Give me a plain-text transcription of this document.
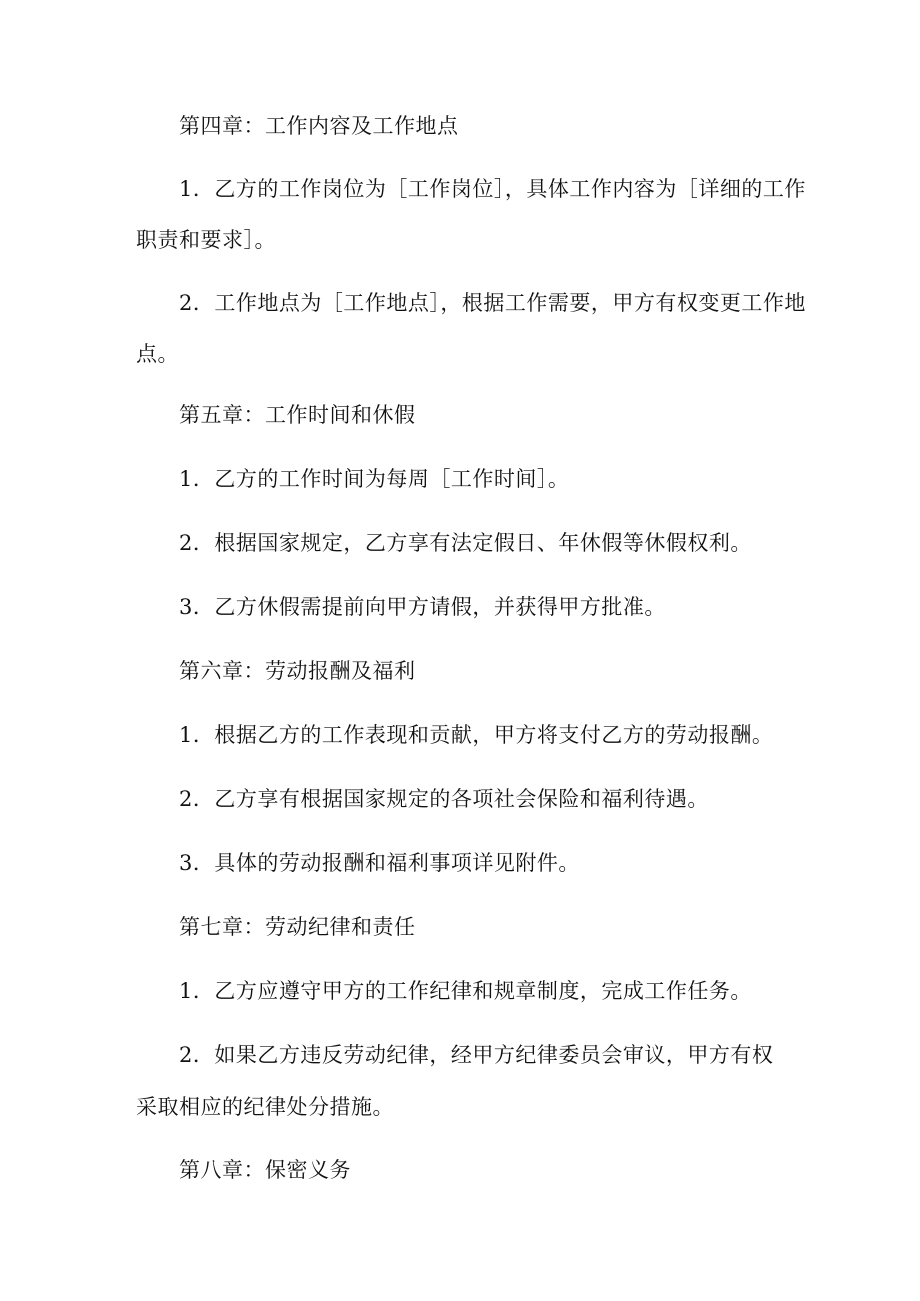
第四章：工作内容及工作地点
1．乙方的工作岗位为［工作岗位］，具体工作内容为［详细的工作
职责和要求］。
2．工作地点为［工作地点］，根据工作需要，甲方有权变更工作地
点。
第五章：工作时间和休假
1．乙方的工作时间为每周［工作时间］。
2．根据国家规定，乙方享有法定假日、年休假等休假权利。
3．乙方休假需提前向甲方请假，并获得甲方批准。
第六章：劳动报酬及福利
1．根据乙方的工作表现和贡献，甲方将支付乙方的劳动报酬。
2．乙方享有根据国家规定的各项社会保险和福利待遇。
3．具体的劳动报酬和福利事项详见附件。
第七章：劳动纪律和责任
1．乙方应遵守甲方的工作纪律和规章制度，完成工作任务。
2．如果乙方违反劳动纪律，经甲方纪律委员会审议，甲方有权
采取相应的纪律处分措施。
第八章：保密义务
